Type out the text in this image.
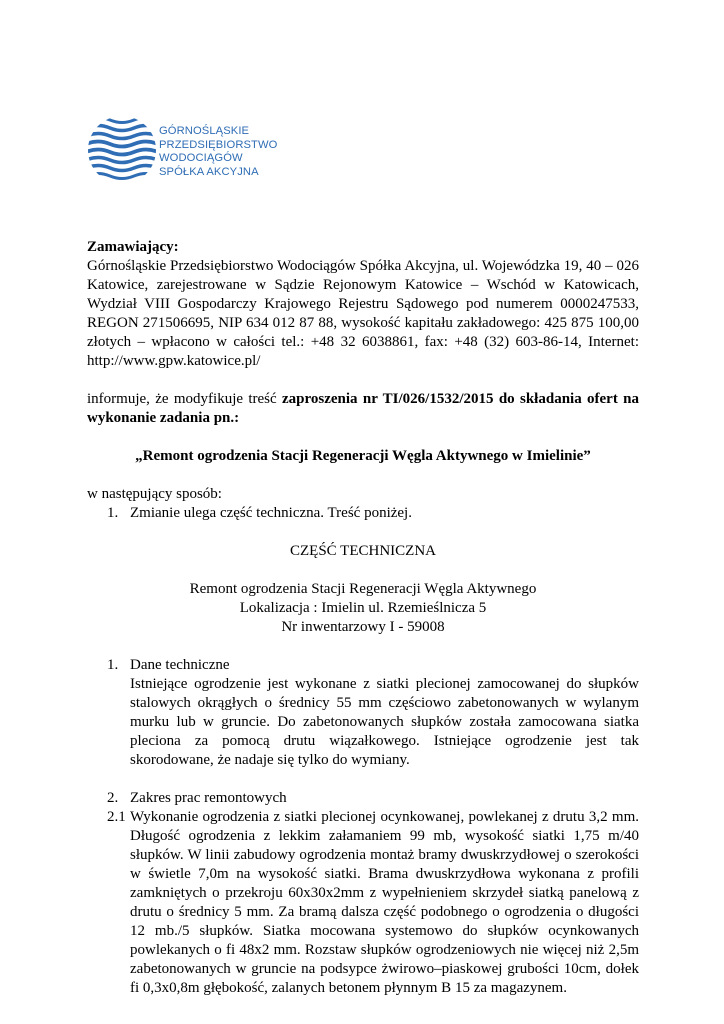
GÓRNOŚLĄSKIE
PRZEDSIĘBIORSTWO
WODOCIĄGÓW
SPÓŁKA AKCYJNA

Zamawiający:

Górnośląskie Przedsiębiorstwo Wodociągów Spółka Akcyjna, ul. Wojewódzka 19, 40 – 026 Katowice, zarejestrowane w Sądzie Rejonowym Katowice – Wschód w Katowicach, Wydział VIII Gospodarczy Krajowego Rejestru Sądowego pod numerem 0000247533, REGON 271506695, NIP 634 012 87 88, wysokość kapitału zakładowego: 425 875 100,00 złotych – wpłacono w całości tel.: +48 32 6038861, fax: +48 (32) 603-86-14, Internet: http://www.gpw.katowice.pl/

informuje, że modyfikuje treść zaproszenia nr TI/026/1532/2015 do składania ofert na wykonanie zadania pn.:

„Remont ogrodzenia Stacji Regeneracji Węgla Aktywnego w Imielinie”

w następujący sposób:

1. Zmianie ulega część techniczna. Treść poniżej.

CZĘŚĆ TECHNICZNA

Remont ogrodzenia Stacji Regeneracji Węgla Aktywnego

Lokalizacja : Imielin ul. Rzemieślnicza 5

Nr inwentarzowy I - 59008

1. Dane techniczne

Istniejące ogrodzenie jest wykonane z siatki plecionej zamocowanej do słupków stalowych okrągłych o średnicy 55 mm częściowo zabetonowanych w wylanym murku lub w gruncie. Do zabetonowanych słupków została zamocowana siatka pleciona za pomocą drutu wiązałkowego. Istniejące ogrodzenie jest tak skorodowane, że nadaje się tylko do wymiany.

2. Zakres prac remontowych

2.1 Wykonanie ogrodzenia z siatki plecionej ocynkowanej, powlekanej z drutu 3,2 mm. Długość ogrodzenia z lekkim załamaniem 99 mb, wysokość siatki 1,75 m/40 słupków. W linii zabudowy ogrodzenia montaż bramy dwuskrzydłowej o szerokości w świetle 7,0m na wysokość siatki. Brama dwuskrzydłowa wykonana z profili zamkniętych o przekroju 60x30x2mm z wypełnieniem skrzydeł siatką panelową z drutu o średnicy 5 mm. Za bramą dalsza część podobnego o ogrodzenia o długości 12 mb./5 słupków. Siatka mocowana systemowo do słupków ocynkowanych powlekanych o fi 48x2 mm. Rozstaw słupków ogrodzeniowych nie więcej niż 2,5m zabetonowanych w gruncie na podsypce żwirowo–piaskowej grubości 10cm, dołek fi 0,3x0,8m głębokość, zalanych betonem płynnym B 15 za magazynem.
